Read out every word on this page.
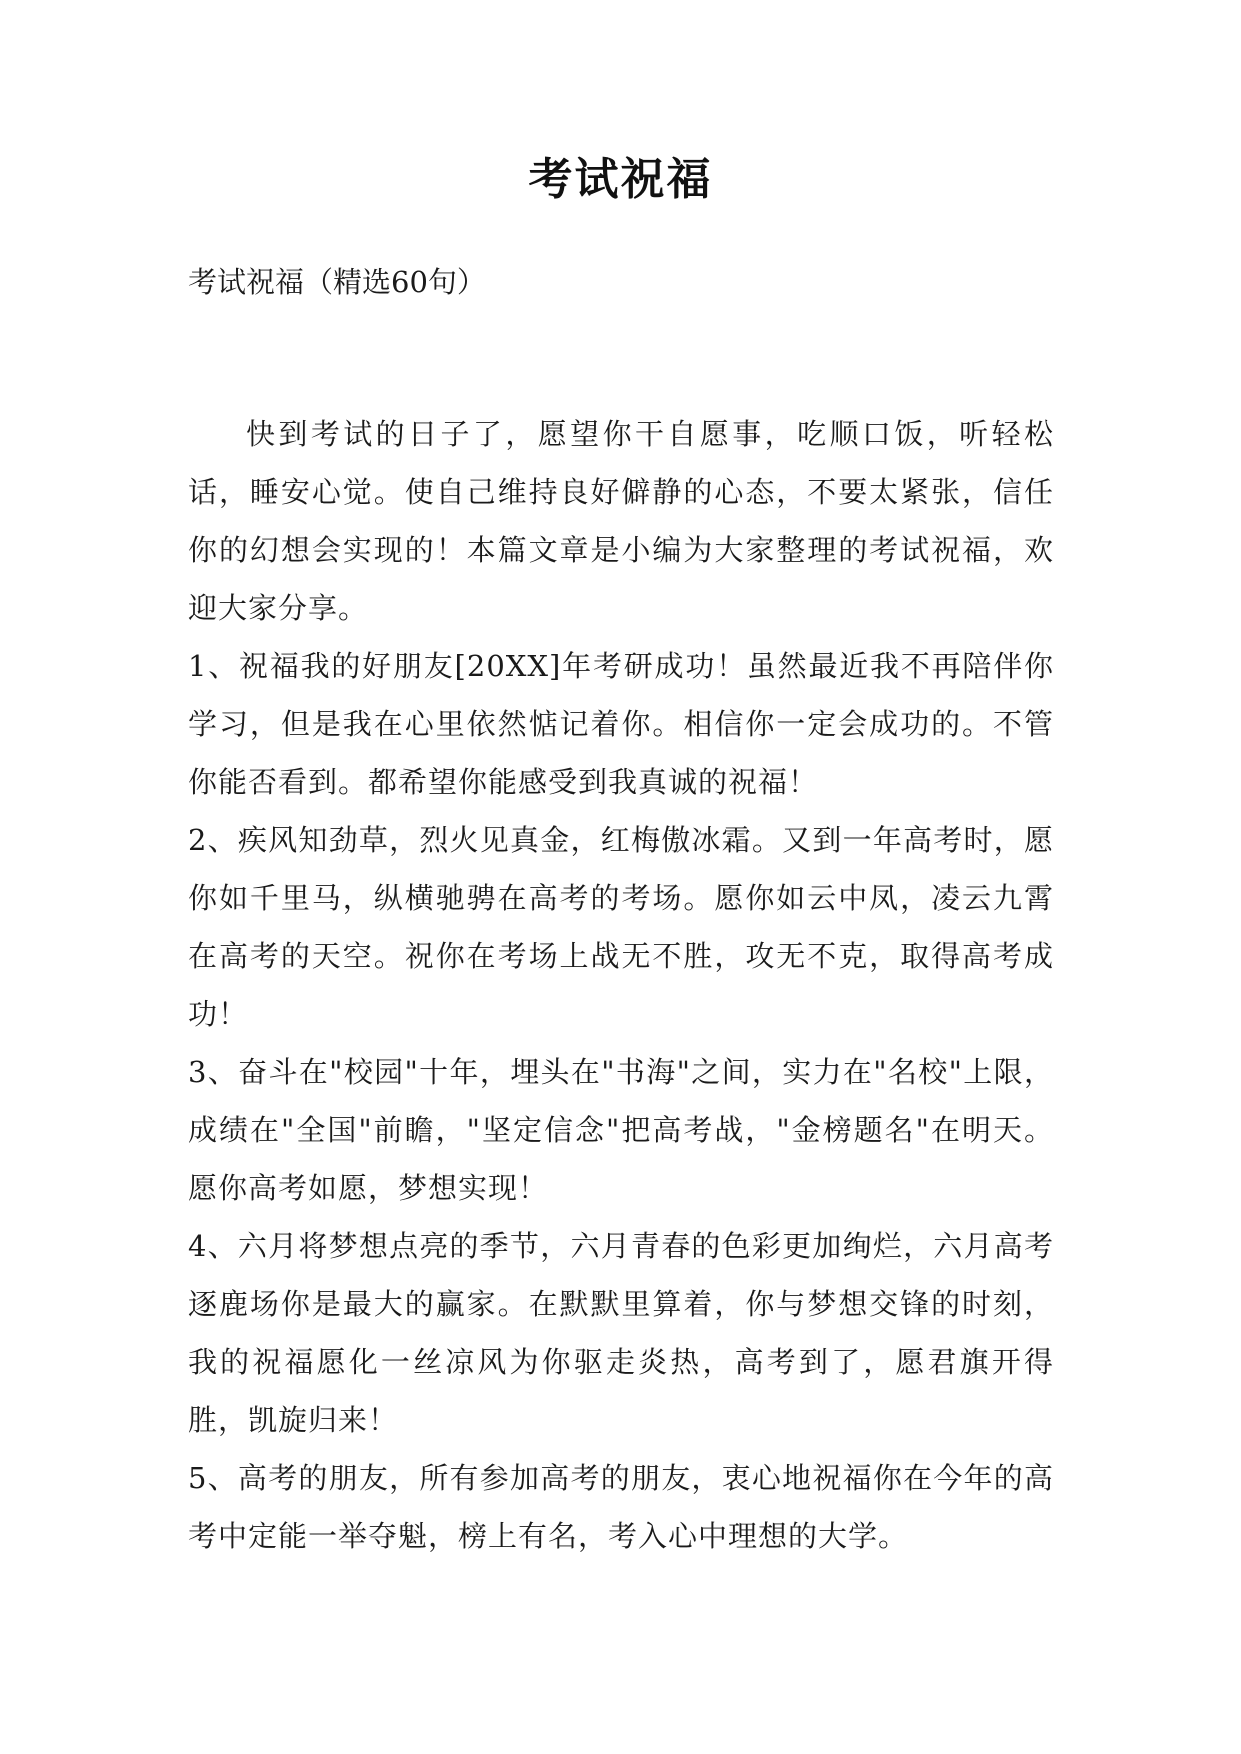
考试祝福
考试祝福（精选60句）

快到考试的日子了，愿望你干自愿事，吃顺口饭，听轻松话，睡安心觉。使自己维持良好僻静的心态，不要太紧张，信任你的幻想会实现的！本篇文章是小编为大家整理的考试祝福，欢迎大家分享。

1、祝福我的好朋友[20XX]年考研成功！虽然最近我不再陪伴你学习，但是我在心里依然惦记着你。相信你一定会成功的。不管你能否看到。都希望你能感受到我真诚的祝福！

2、疾风知劲草，烈火见真金，红梅傲冰霜。又到一年高考时，愿你如千里马，纵横驰骋在高考的考场。愿你如云中凤，凌云九霄在高考的天空。祝你在考场上战无不胜，攻无不克，取得高考成功！

3、奋斗在"校园"十年，埋头在"书海"之间，实力在"名校"上限，成绩在"全国"前瞻，"坚定信念"把高考战，"金榜题名"在明天。愿你高考如愿，梦想实现！

4、六月将梦想点亮的季节，六月青春的色彩更加绚烂，六月高考逐鹿场你是最大的赢家。在默默里算着，你与梦想交锋的时刻，我的祝福愿化一丝凉风为你驱走炎热，高考到了，愿君旗开得胜，凯旋归来！

5、高考的朋友，所有参加高考的朋友，衷心地祝福你在今年的高考中定能一举夺魁，榜上有名，考入心中理想的大学。
